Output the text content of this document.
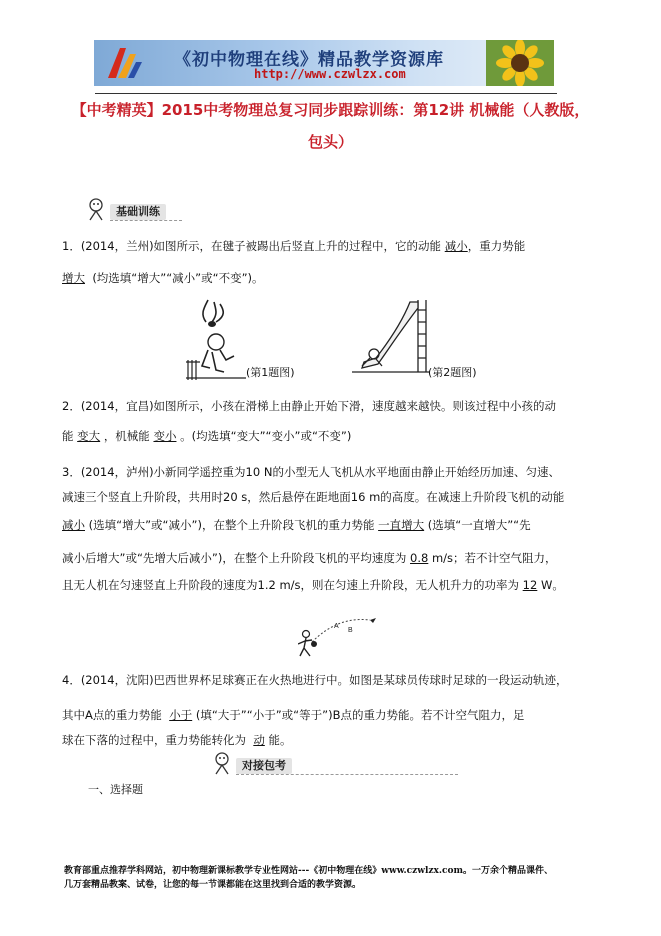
《初中物理在线》精品教学资源库
http://www.czwlzx.com
【中考精英】2015中考物理总复习同步跟踪训练：第12讲 机械能（人教版，
包头）
基础训练
1．(2014，兰州)如图所示，在毽子被踢出后竖直上升的过程中，它的动能 减小，重力势能
增大 (均选填“增大”“减小”或“不变”)。
(第1题图)	(第2题图)
2．(2014，宜昌)如图所示，小孩在滑梯上由静止开始下滑，速度越来越快。则该过程中小孩的动
能 变大 ，机械能 变小 。(均选填“变大”“变小”或“不变”)
3．(2014，泸州)小新同学遥控重为10 N的小型无人飞机从水平地面由静止开始经历加速、匀速、
减速三个竖直上升阶段，共用时20 s，然后悬停在距地面16 m的高度。在减速上升阶段飞机的动能
减小 (选填“增大”或“减小”)，在整个上升阶段飞机的重力势能 一直增大 (选填“一直增大”“先
减小后增大”或“先增大后减小”)，在整个上升阶段飞机的平均速度为 0.8 m/s；若不计空气阻力，
且无人机在匀速竖直上升阶段的速度为1.2 m/s，则在匀速上升阶段，无人机升力的功率为 12 W。
A
B
4．(2014，沈阳)巴西世界杯足球赛正在火热地进行中。如图是某球员传球时足球的一段运动轨迹，
其中A点的重力势能 小于 (填“大于”“小于”或“等于”)B点的重力势能。若不计空气阻力，足
球在下落的过程中，重力势能转化为 动 能。
对接包考
一、选择题
教育部重点推荐学科网站，初中物理新课标教学专业性网站---《初中物理在线》www.czwlzx.com。一万余个精品课件、
几万套精品教案、试卷，让您的每一节课都能在这里找到合适的教学资源。
